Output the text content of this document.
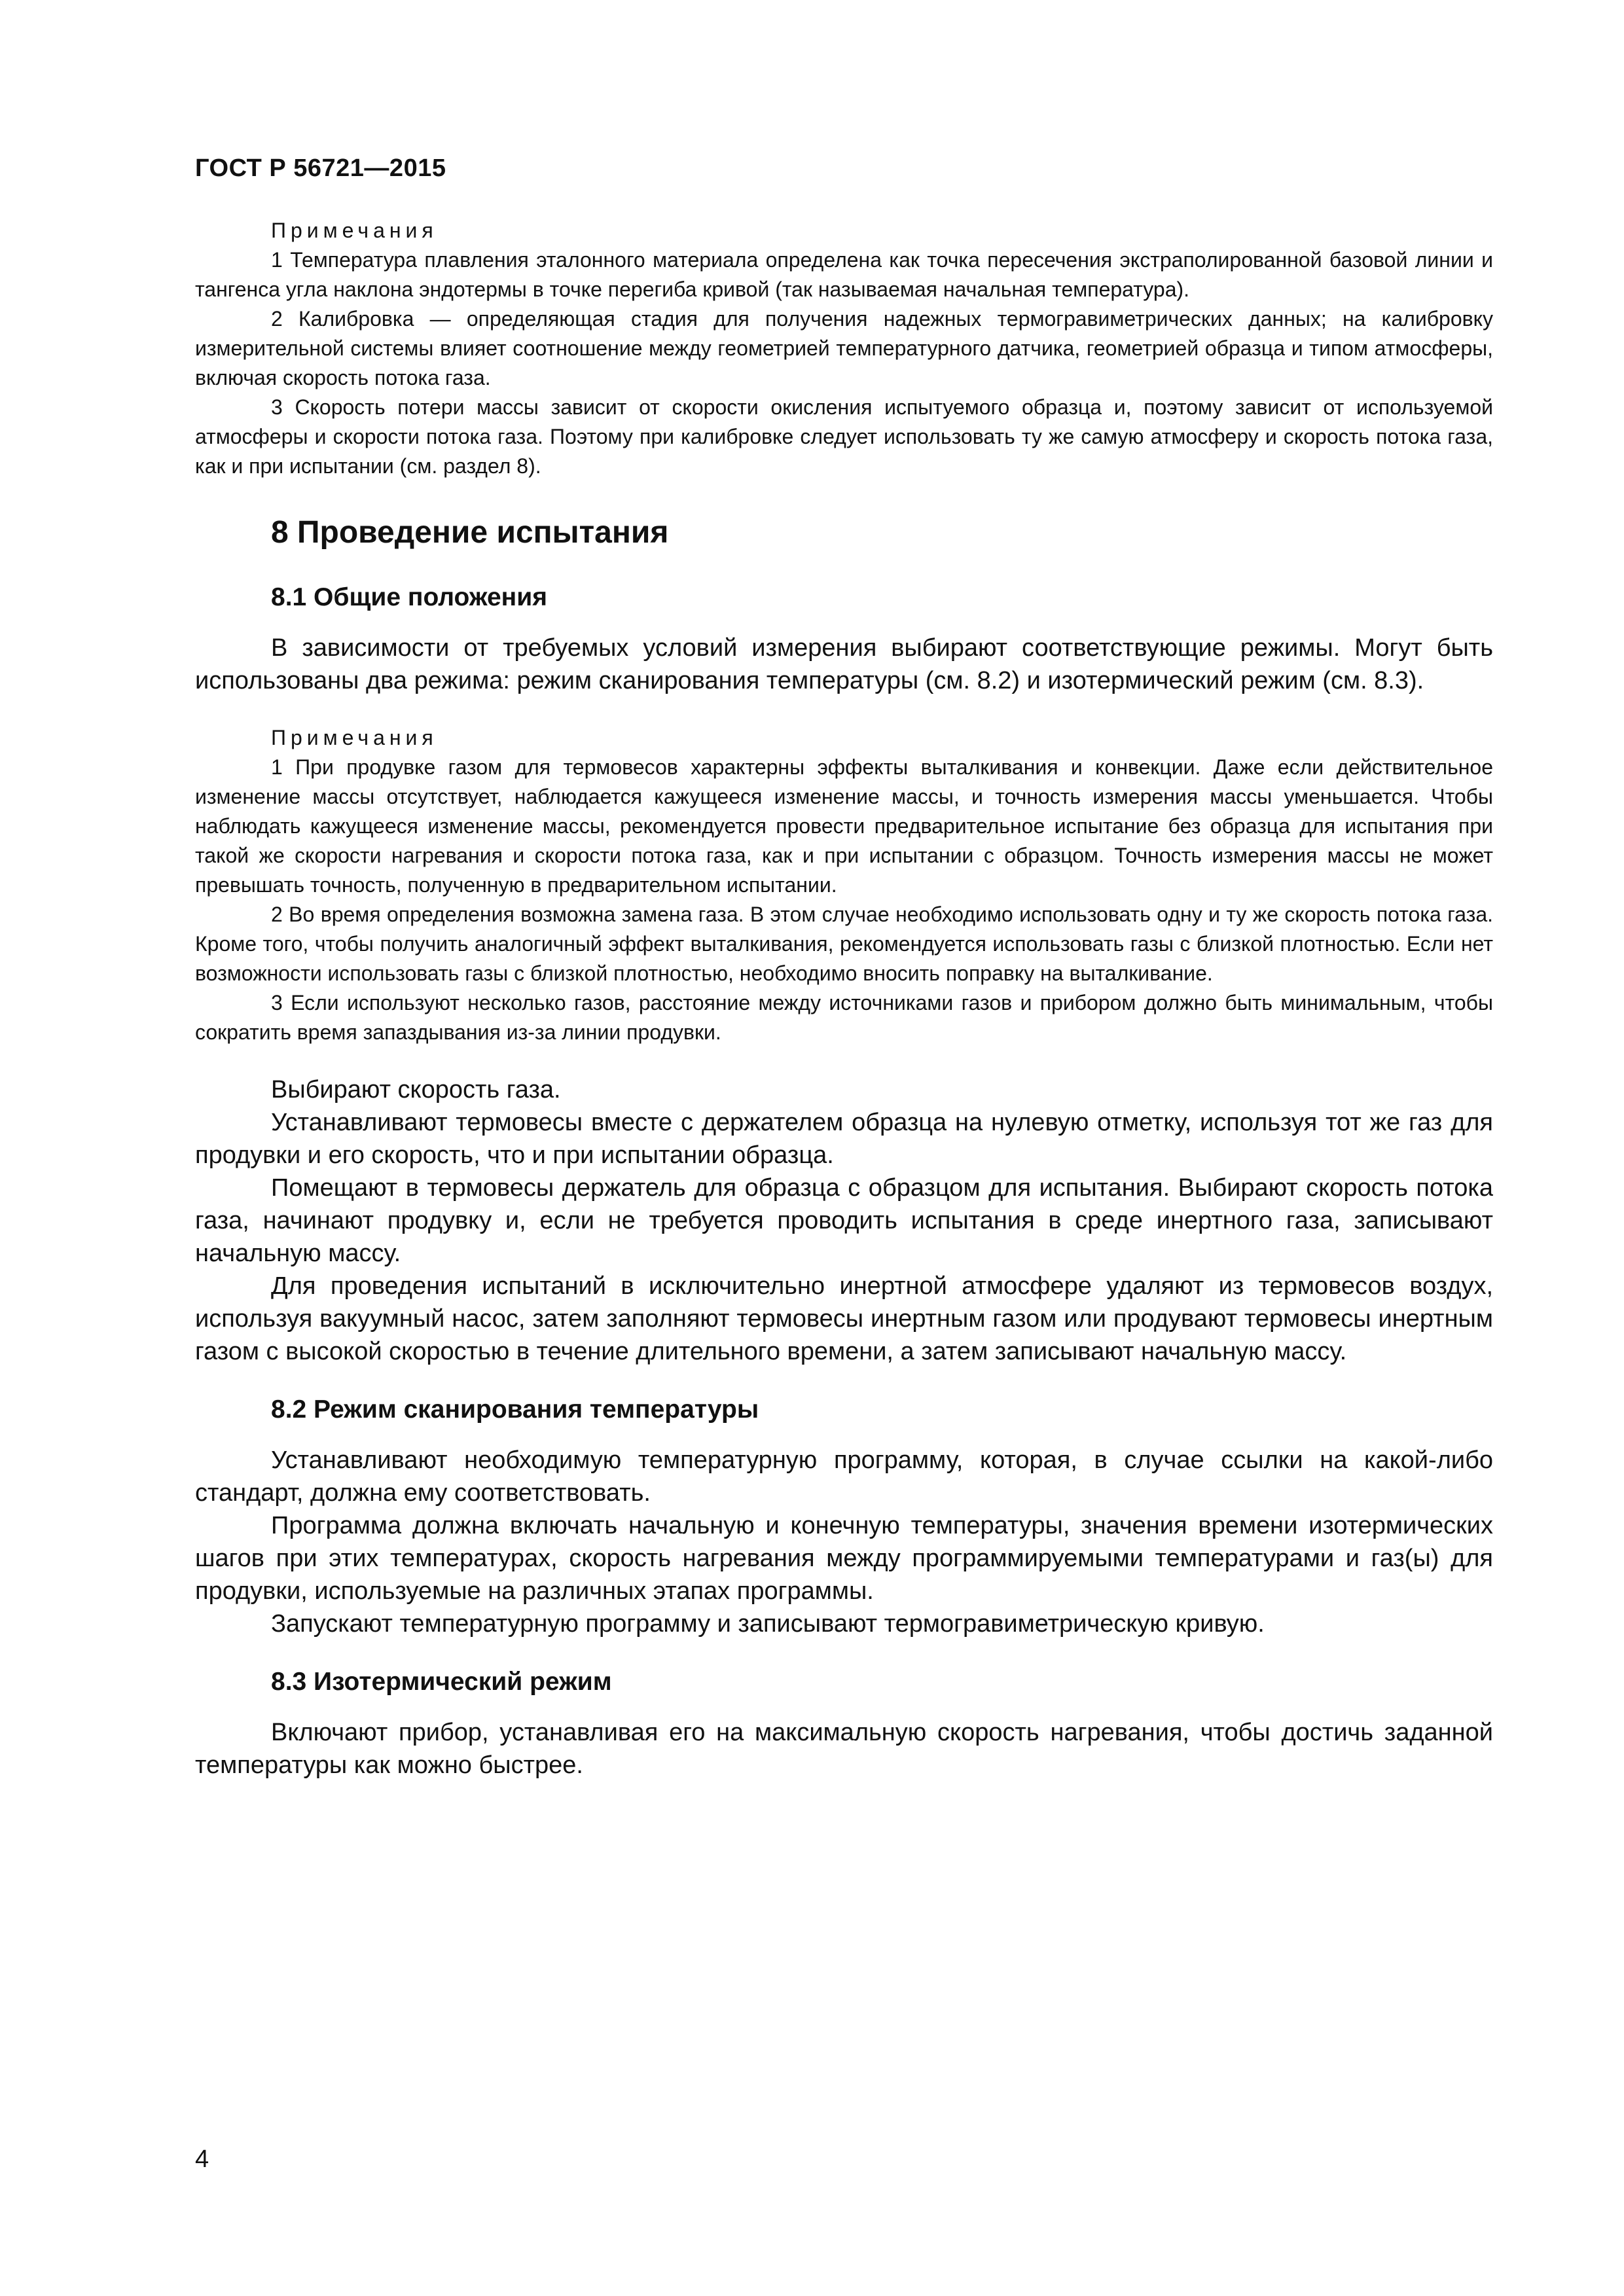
ГОСТ Р 56721—2015

Примечания

1 Температура плавления эталонного материала определена как точка пересечения экстраполированной базовой линии и тангенса угла наклона эндотермы в точке перегиба кривой (так называемая начальная температура).

2 Калибровка — определяющая стадия для получения надежных термогравиметрических данных; на калибровку измерительной системы влияет соотношение между геометрией температурного датчика, геометрией образца и типом атмосферы, включая скорость потока газа.

3 Скорость потери массы зависит от скорости окисления испытуемого образца и, поэтому зависит от используемой атмосферы и скорости потока газа. Поэтому при калибровке следует использовать ту же самую атмосферу и скорость потока газа, как и при испытании (см. раздел 8).

8 Проведение испытания
8.1 Общие положения

В зависимости от требуемых условий измерения выбирают соответствующие режимы. Могут быть использованы два режима: режим сканирования температуры (см. 8.2) и изотермический режим (см. 8.3).

Примечания

1 При продувке газом для термовесов характерны эффекты выталкивания и конвекции. Даже если действительное изменение массы отсутствует, наблюдается кажущееся изменение массы, и точность измерения массы уменьшается. Чтобы наблюдать кажущееся изменение массы, рекомендуется провести предварительное испытание без образца для испытания при такой же скорости нагревания и скорости потока газа, как и при испытании с образцом. Точность измерения массы не может превышать точность, полученную в предварительном испытании.

2 Во время определения возможна замена газа. В этом случае необходимо использовать одну и ту же скорость потока газа. Кроме того, чтобы получить аналогичный эффект выталкивания, рекомендуется использовать газы с близкой плотностью. Если нет возможности использовать газы с близкой плотностью, необходимо вносить поправку на выталкивание.

3 Если используют несколько газов, расстояние между источниками газов и прибором должно быть минимальным, чтобы сократить время запаздывания из-за линии продувки.

Выбирают скорость газа.

Устанавливают термовесы вместе с держателем образца на нулевую отметку, используя тот же газ для продувки и его скорость, что и при испытании образца.

Помещают в термовесы держатель для образца с образцом для испытания. Выбирают скорость потока газа, начинают продувку и, если не требуется проводить испытания в среде инертного газа, записывают начальную массу.

Для проведения испытаний в исключительно инертной атмосфере удаляют из термовесов воздух, используя вакуумный насос, затем заполняют термовесы инертным газом или продувают термовесы инертным газом с высокой скоростью в течение длительного времени, а затем записывают начальную массу.

8.2 Режим сканирования температуры

Устанавливают необходимую температурную программу, которая, в случае ссылки на какой-либо стандарт, должна ему соответствовать.

Программа должна включать начальную и конечную температуры, значения времени изотермических шагов при этих температурах, скорость нагревания между программируемыми температурами и газ(ы) для продувки, используемые на различных этапах программы.

Запускают температурную программу и записывают термогравиметрическую кривую.

8.3 Изотермический режим

Включают прибор, устанавливая его на максимальную скорость нагревания, чтобы достичь заданной температуры как можно быстрее.

4
